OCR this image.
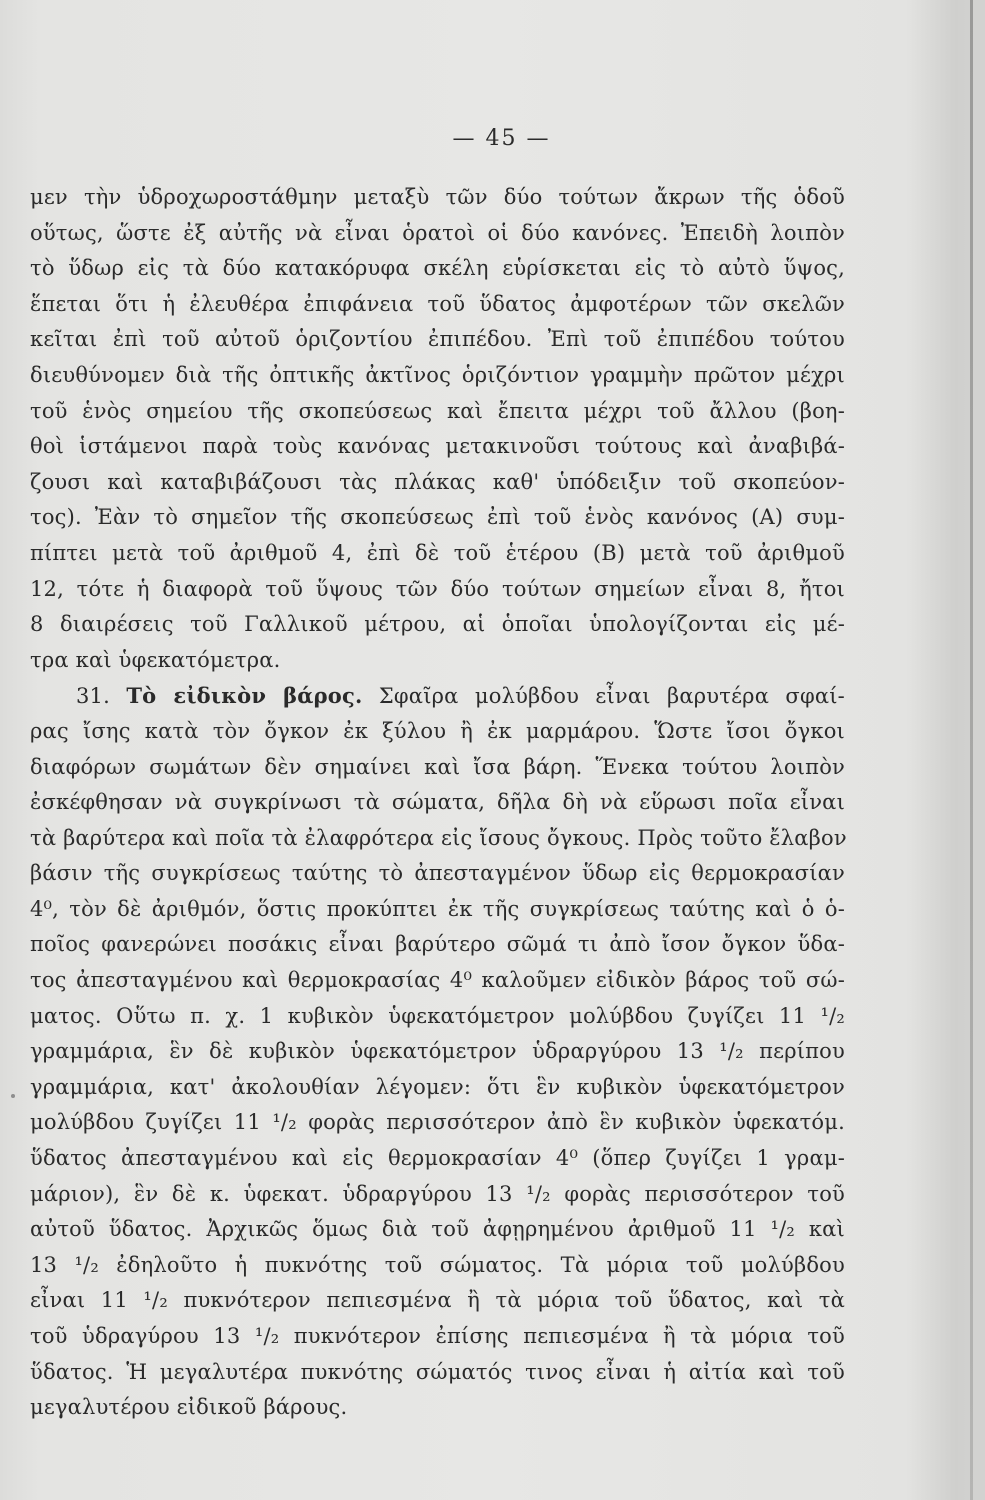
— 45 —
μεν τὴν ὑδροχωροστάθμην μεταξὺ τῶν δύο τούτων ἄκρων τῆς ὁδοῦ
οὕτως, ὥστε ἐξ αὐτῆς νὰ εἶναι ὁρατοὶ οἱ δύο κανόνες. Ἐπειδὴ λοιπὸν
τὸ ὕδωρ εἰς τὰ δύο κατακόρυφα σκέλη εὑρίσκεται εἰς τὸ αὐτὸ ὕψος,
ἕπεται ὅτι ἡ ἐλευθέρα ἐπιφάνεια τοῦ ὕδατος ἀμφοτέρων τῶν σκελῶν
κεῖται ἐπὶ τοῦ αὐτοῦ ὁριζοντίου ἐπιπέδου. Ἐπὶ τοῦ ἐπιπέδου τούτου
διευθύνομεν διὰ τῆς ὀπτικῆς ἀκτῖνος ὁριζόντιον γραμμὴν πρῶτον μέχρι
τοῦ ἑνὸς σημείου τῆς σκοπεύσεως καὶ ἔπειτα μέχρι τοῦ ἄλλου (βοη-
θοὶ ἱστάμενοι παρὰ τοὺς κανόνας μετακινοῦσι τούτους καὶ ἀναβιβά-
ζουσι καὶ καταβιβάζουσι τὰς πλάκας καθ' ὑπόδειξιν τοῦ σκοπεύον-
τος). Ἐὰν τὸ σημεῖον τῆς σκοπεύσεως ἐπὶ τοῦ ἑνὸς κανόνος (Α) συμ-
πίπτει μετὰ τοῦ ἀριθμοῦ 4, ἐπὶ δὲ τοῦ ἑτέρου (Β) μετὰ τοῦ ἀριθμοῦ
12, τότε ἡ διαφορὰ τοῦ ὕψους τῶν δύο τούτων σημείων εἶναι 8, ἤτοι
8 διαιρέσεις τοῦ Γαλλικοῦ μέτρου, αἱ ὁποῖαι ὑπολογίζονται εἰς μέ-
τρα καὶ ὑφεκατόμετρα.
31. Τὸ εἰδικὸν βάρος. Σφαῖρα μολύβδου εἶναι βαρυτέρα σφαί-
ρας ἴσης κατὰ τὸν ὄγκον ἐκ ξύλου ἢ ἐκ μαρμάρου. Ὥστε ἴσοι ὄγκοι
διαφόρων σωμάτων δὲν σημαίνει καὶ ἴσα βάρη. Ἕνεκα τούτου λοιπὸν
ἐσκέφθησαν νὰ συγκρίνωσι τὰ σώματα, δῆλα δὴ νὰ εὕρωσι ποῖα εἶναι
τὰ βαρύτερα καὶ ποῖα τὰ ἐλαφρότερα εἰς ἴσους ὄγκους. Πρὸς τοῦτο ἔλαβον
βάσιν τῆς συγκρίσεως ταύτης τὸ ἀπεσταγμένον ὕδωρ εἰς θερμοκρασίαν
4⁰, τὸν δὲ ἀριθμόν, ὅστις προκύπτει ἐκ τῆς συγκρίσεως ταύτης καὶ ὁ ὁ-
ποῖος φανερώνει ποσάκις εἶναι βαρύτερο σῶμά τι ἀπὸ ἴσον ὄγκον ὕδα-
τος ἀπεσταγμένου καὶ θερμοκρασίας 4⁰ καλοῦμεν εἰδικὸν βάρος τοῦ σώ-
ματος. Οὕτω π. χ. 1 κυβικὸν ὑφεκατόμετρον μολύβδου ζυγίζει 11 ¹/₂
γραμμάρια, ἓν δὲ κυβικὸν ὑφεκατόμετρον ὑδραργύρου 13 ¹/₂ περίπου
γραμμάρια, κατ' ἀκολουθίαν λέγομεν: ὅτι ἓν κυβικὸν ὑφεκατόμετρον
μολύβδου ζυγίζει 11 ¹/₂ φορὰς περισσότερον ἀπὸ ἓν κυβικὸν ὑφεκατόμ.
ὕδατος ἀπεσταγμένου καὶ εἰς θερμοκρασίαν 4⁰ (ὅπερ ζυγίζει 1 γραμ-
μάριον), ἓν δὲ κ. ὑφεκατ. ὑδραργύρου 13 ¹/₂ φορὰς περισσότερον τοῦ
αὐτοῦ ὕδατος. Ἀρχικῶς ὅμως διὰ τοῦ ἀφῃρημένου ἀριθμοῦ 11 ¹/₂ καὶ
13 ¹/₂ ἐδηλοῦτο ἡ πυκνότης τοῦ σώματος. Τὰ μόρια τοῦ μολύβδου
εἶναι 11 ¹/₂ πυκνότερον πεπιεσμένα ἢ τὰ μόρια τοῦ ὕδατος, καὶ τὰ
τοῦ ὑδραγύρου 13 ¹/₂ πυκνότερον ἐπίσης πεπιεσμένα ἢ τὰ μόρια τοῦ
ὕδατος. Ἡ μεγαλυτέρα πυκνότης σώματός τινος εἶναι ἡ αἰτία καὶ τοῦ
μεγαλυτέρου εἰδικοῦ βάρους.
